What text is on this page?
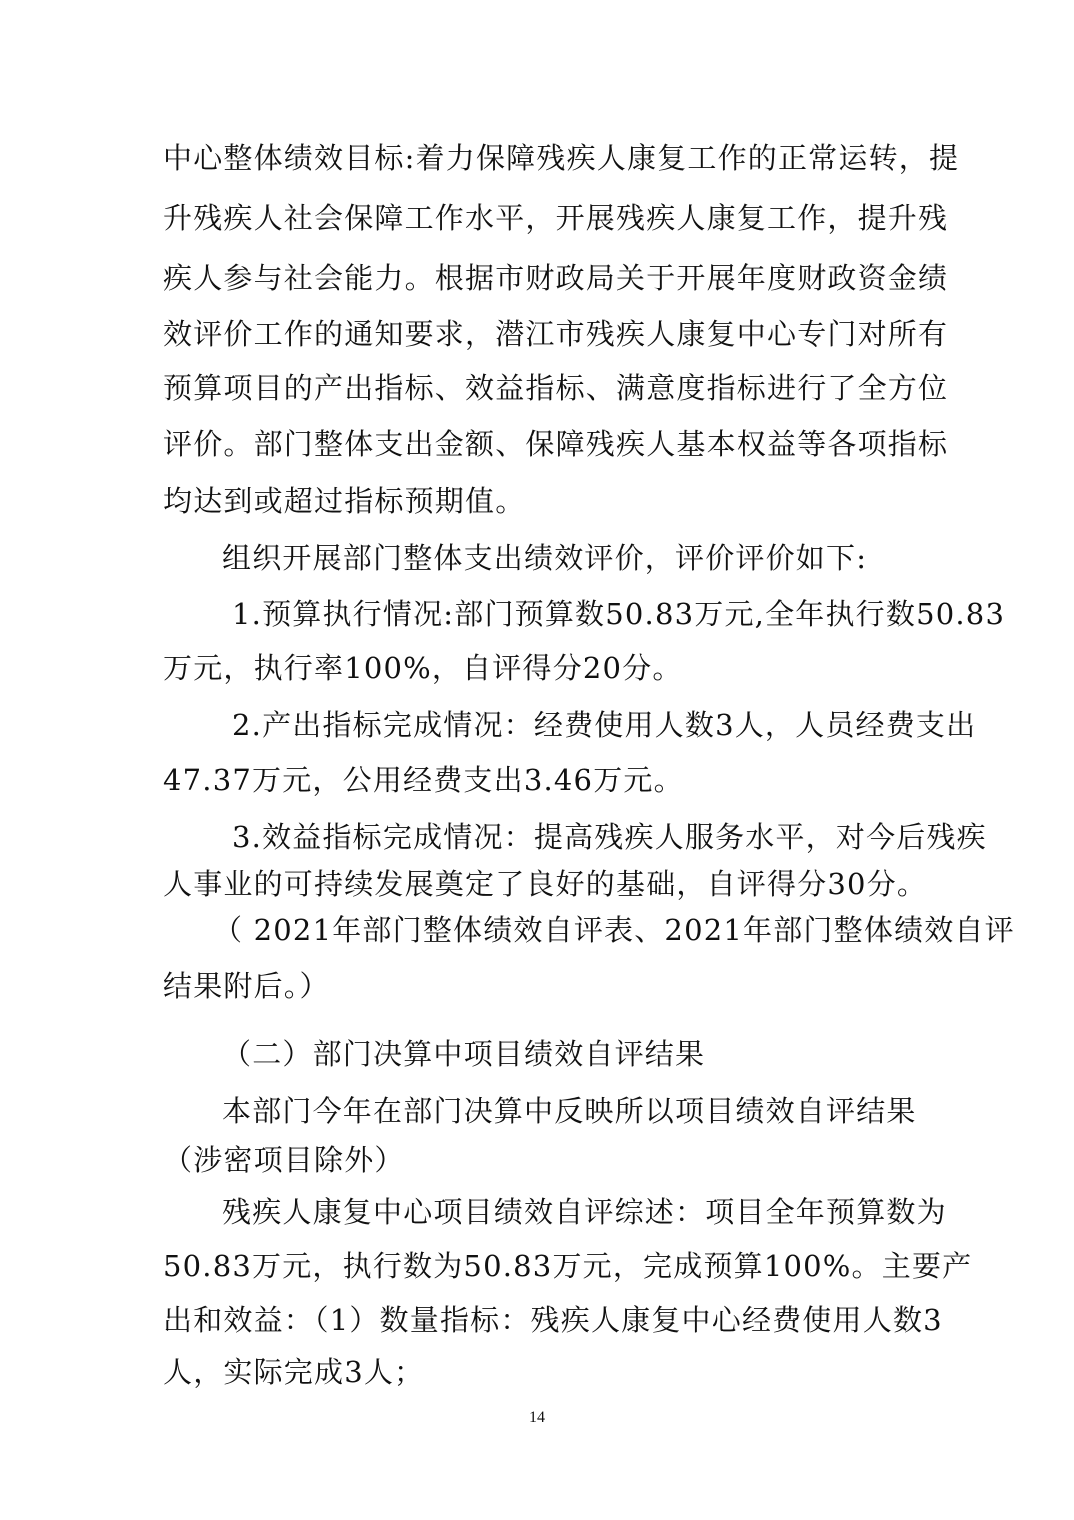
中心整体绩效目标:着力保障残疾人康复工作的正常运转，提
升残疾人社会保障工作水平，开展残疾人康复工作，提升残
疾人参与社会能力。根据市财政局关于开展年度财政资金绩
效评价工作的通知要求，潜江市残疾人康复中心专门对所有
预算项目的产出指标、效益指标、满意度指标进行了全方位
评价。部门整体支出金额、保障残疾人基本权益等各项指标
均达到或超过指标预期值。
组织开展部门整体支出绩效评价，评价评价如下:
1.预算执行情况:部门预算数50.83万元,全年执行数50.83
万元，执行率100%，自评得分20分。
2.产出指标完成情况：经费使用人数3人，人员经费支出
47.37万元，公用经费支出3.46万元。
3.效益指标完成情况：提高残疾人服务水平，对今后残疾
人事业的可持续发展奠定了良好的基础，自评得分30分。
（ 2021年部门整体绩效自评表、2021年部门整体绩效自评
结果附后。）
（二）部门决算中项目绩效自评结果
本部门今年在部门决算中反映所以项目绩效自评结果
（涉密项目除外）
残疾人康复中心项目绩效自评综述：项目全年预算数为
50.83万元，执行数为50.83万元，完成预算100%。主要产
出和效益：（1）数量指标：残疾人康复中心经费使用人数3
人，实际完成3人；
14
